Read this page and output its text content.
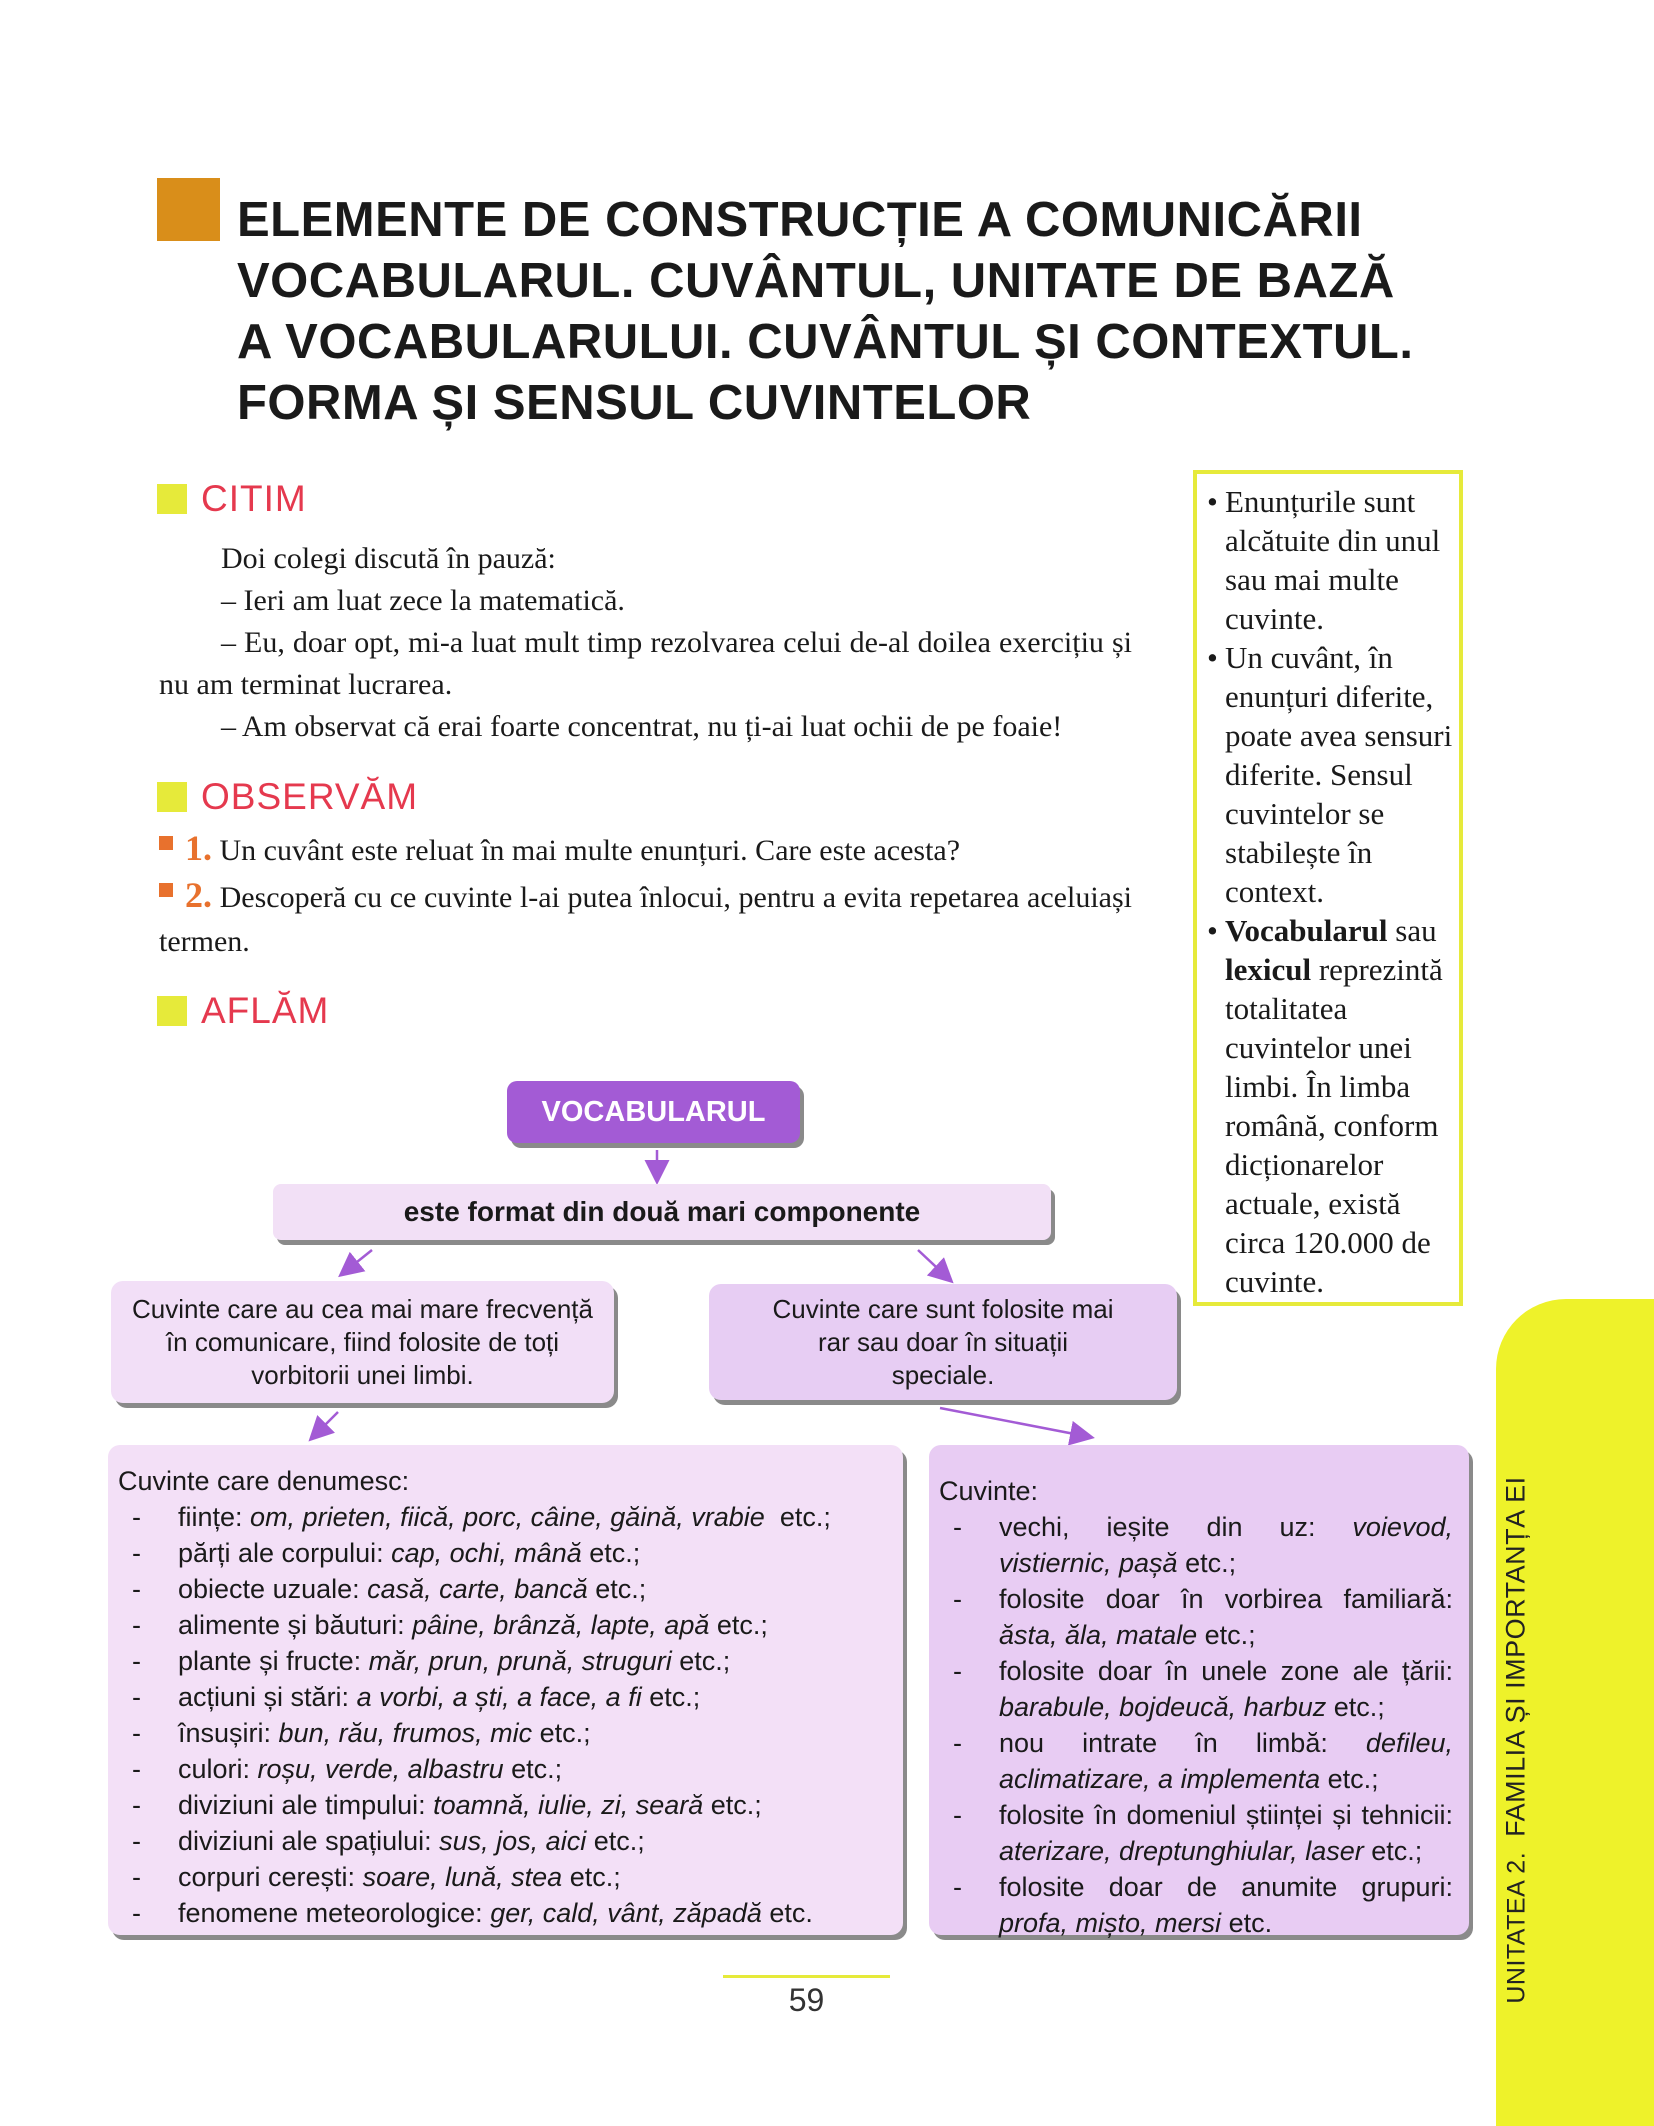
ELEMENTE DE CONSTRUCȚIE A COMUNICĂRII
VOCABULARUL. CUVÂNTUL, UNITATE DE BAZĂ
A VOCABULARULUI. CUVÂNTUL ȘI CONTEXTUL.
FORMA ȘI SENSUL CUVINTELOR
CITIM

Doi colegi discută în pauză:

– Ieri am luat zece la matematică.

– Eu, doar opt, mi-a luat mult timp rezolvarea celui de-al doilea exercițiu și nu am terminat lucrarea.

– Am observat că erai foarte concentrat, nu ți-ai luat ochii de pe foaie!

OBSERVĂM

1. Un cuvânt este reluat în mai multe enunțuri. Care este acesta?

2. Descoperă cu ce cuvinte l-ai putea înlocui, pentru a evita repetarea aceluiași termen.

AFLĂM
• Enunțurile sunt alcătuite din unul sau mai multe cuvinte.
• Un cuvânt, în enunțuri diferite, poate avea sensuri diferite. Sensul cuvintelor se stabilește în context.
• Vocabularul sau lexicul reprezintă totalitatea cuvintelor unei limbi. În limba română, conform dicționarelor actuale, există circa 120.000 de cuvinte.
VOCABULARUL
este format din două mari componente
Cuvinte care au cea mai mare frecvență în comunicare, fiind folosite de toți vorbitorii unei limbi.
Cuvinte care sunt folosite mai rar sau doar în situații speciale.
Cuvinte care denumesc:
- ființe: om, prieten, fiică, porc, câine, găină, vrabie  etc.;
- părți ale corpului: cap, ochi, mână etc.;
- obiecte uzuale: casă, carte, bancă etc.;
- alimente și băuturi: pâine, brânză, lapte, apă etc.;
- plante și fructe: măr, prun, prună, struguri etc.;
- acțiuni și stări: a vorbi, a ști, a face, a fi etc.;
- însușiri: bun, rău, frumos, mic etc.;
- culori: roșu, verde, albastru etc.;
- diviziuni ale timpului: toamnă, iulie, zi, seară etc.;
- diviziuni ale spațiului: sus, jos, aici etc.;
- corpuri cerești: soare, lună, stea etc.;
- fenomene meteorologice: ger, cald, vânt, zăpadă etc.
Cuvinte:
- vechi, ieșite din uz: voievod, vistiernic, pașă etc.;
- folosite doar în vorbirea familiară: ăsta, ăla, matale etc.;
- folosite doar în unele zone ale țării: barabule, bojdeucă, harbuz etc.;
- nou intrate în limbă: defileu, aclimatizare, a implementa etc.;
- folosite în domeniul științei și tehnicii: aterizare, dreptunghiular, laser etc.;
- folosite doar de anumite grupuri: profa, mișto, mersi etc.
59	UNITATEA 2.  FAMILIA ȘI IMPORTANȚA EI
